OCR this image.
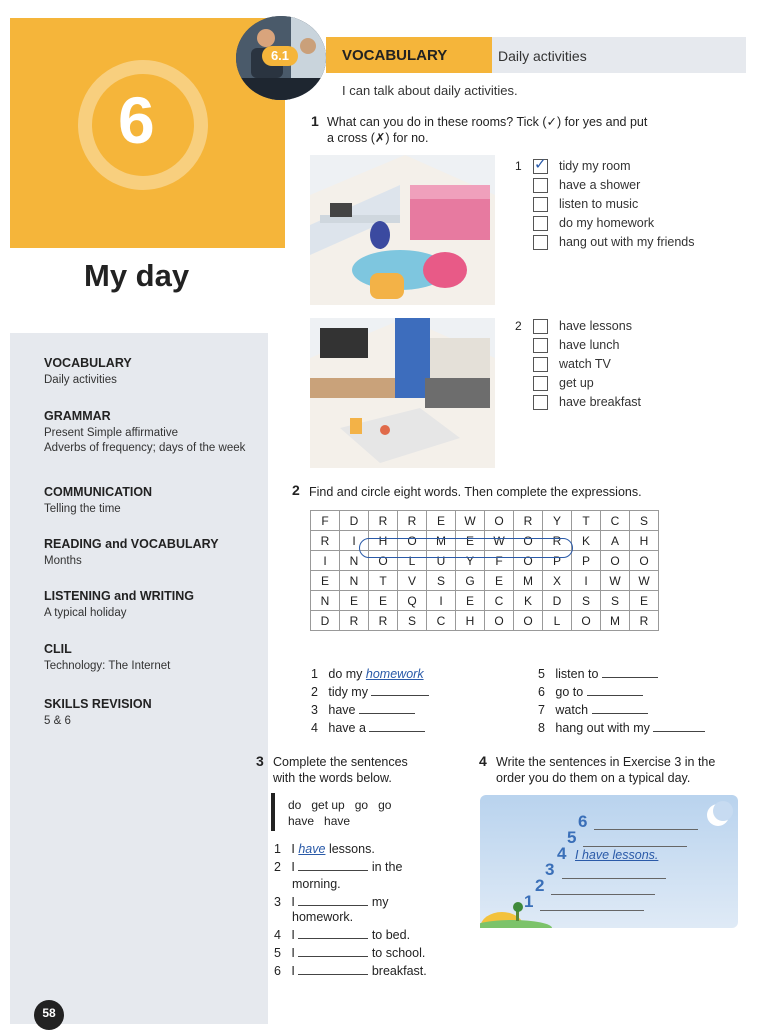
6
My day
VOCABULARY
Daily activities
GRAMMAR
Present Simple affirmative
Adverbs of frequency; days of the week
COMMUNICATION
Telling the time
READING and VOCABULARY
Months
LISTENING and WRITING
A typical holiday
CLIL
Technology: The Internet
SKILLS REVISION
5 & 6
58
VOCABULARY	Daily activities
6.1
I can talk about daily activities.
1 What can you do in these rooms? Tick (✓) for yes and put
a cross (✗) for no.
1 ✓ tidy my room
have a shower
listen to music
do my homework
hang out with my friends
2	have lessons
have lunch
watch TV
get up
have breakfast
2 Find and circle eight words. Then complete the expressions.
F	D	R	R	E	W	O	R	Y	T	C	S
R	I	H	O	M	E	W	O	R	K	A	H
I	N	O	L	U	Y	F	O	P	P	O	O
E	N	T	V	S	G	E	M	X	I	W	W
N	E	E	Q	I	E	C	K	D	S	S	E
D	R	R	S	C	H	O	O	L	O	M	R
1 do my homework
2 tidy my
3 have
4 have a
5 listen to
6 go to
7 watch
8 hang out with my
3 Complete the sentences
with the words below.
do   get up   go   go
have   have
1 I have lessons.
2 I	in the
morning.
3 I	my
homework.
4 I	to bed.
5 I	to school.
6 I	breakfast.
4 Write the sentences in Exercise 3 in the
order you do them on a typical day.
6
5
4 I have lessons.
3
2
1
